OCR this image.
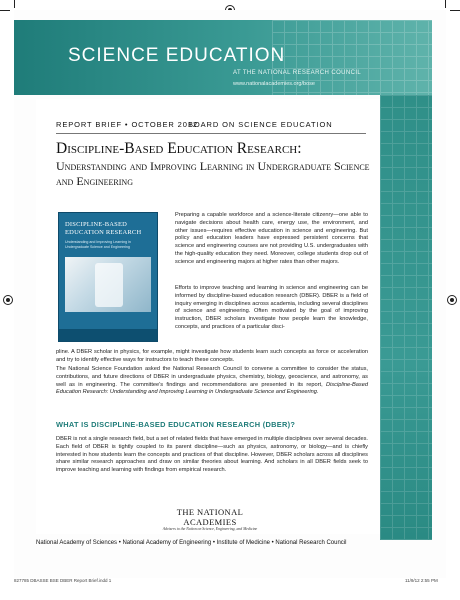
SCIENCE EDUCATION
AT THE NATIONAL RESEARCH COUNCIL
www.nationalacademies.org/bose
REPORT BRIEF • OCTOBER 2012
BOARD ON SCIENCE EDUCATION
Discipline-Based Education Research:
Understanding and Improving Learning in Undergraduate Science and Engineering
DISCIPLINE-BASED EDUCATION RESEARCH
Understanding and Improving Learning in Undergraduate Science and Engineering
Preparing a capable workforce and a science-literate citizenry—one able to navigate decisions about health care, energy use, the environment, and other issues—requires effective education in science and engineering. But policy and education leaders have expressed persistent concerns that science and engineering courses are not providing U.S. undergraduates with the high-quality education they need. Moreover, college students drop out of science and engineering majors at higher rates than other majors.
Efforts to improve teaching and learning in science and engineering can be informed by discipline-based education research (DBER). DBER is a field of inquiry emerging in disciplines across academia, including several disciplines of science and engineering. Often motivated by the goal of improving instruction, DBER scholars investigate how people learn the knowledge, concepts, and practices of a particular disci-
pline. A DBER scholar in physics, for example, might investigate how students learn such concepts as force or acceleration and try to identify effective ways for instructors to teach these concepts.
The National Science Foundation asked the National Research Council to convene a committee to consider the status, contributions, and future directions of DBER in undergraduate physics, chemistry, biology, geoscience, and astronomy, as well as in engineering. The committee's findings and recommendations are presented in its report, Discipline-Based Education Research: Understanding and Improving Learning in Undergraduate Science and Engineering.
WHAT IS DISCIPLINE-BASED EDUCATION RESEARCH (DBER)?
DBER is not a single research field, but a set of related fields that have emerged in multiple disciplines over several decades. Each field of DBER is tightly coupled to its parent discipline—such as physics, astronomy, or biology—and is chiefly interested in how students learn the concepts and practices of that discipline. However, DBER scholars across all disciplines share similar research approaches and draw on similar theories about learning. And scholars in all DBER fields seek to improve teaching and learning with findings from empirical research.
THE NATIONAL ACADEMIES
Advisers to the Nation on Science, Engineering, and Medicine
National Academy of Sciences • National Academy of Engineering • Institute of Medicine • National Research Council
827785 DBASSE BSE DBER Report Brief.indd 1	11/9/12 2:55 PM
